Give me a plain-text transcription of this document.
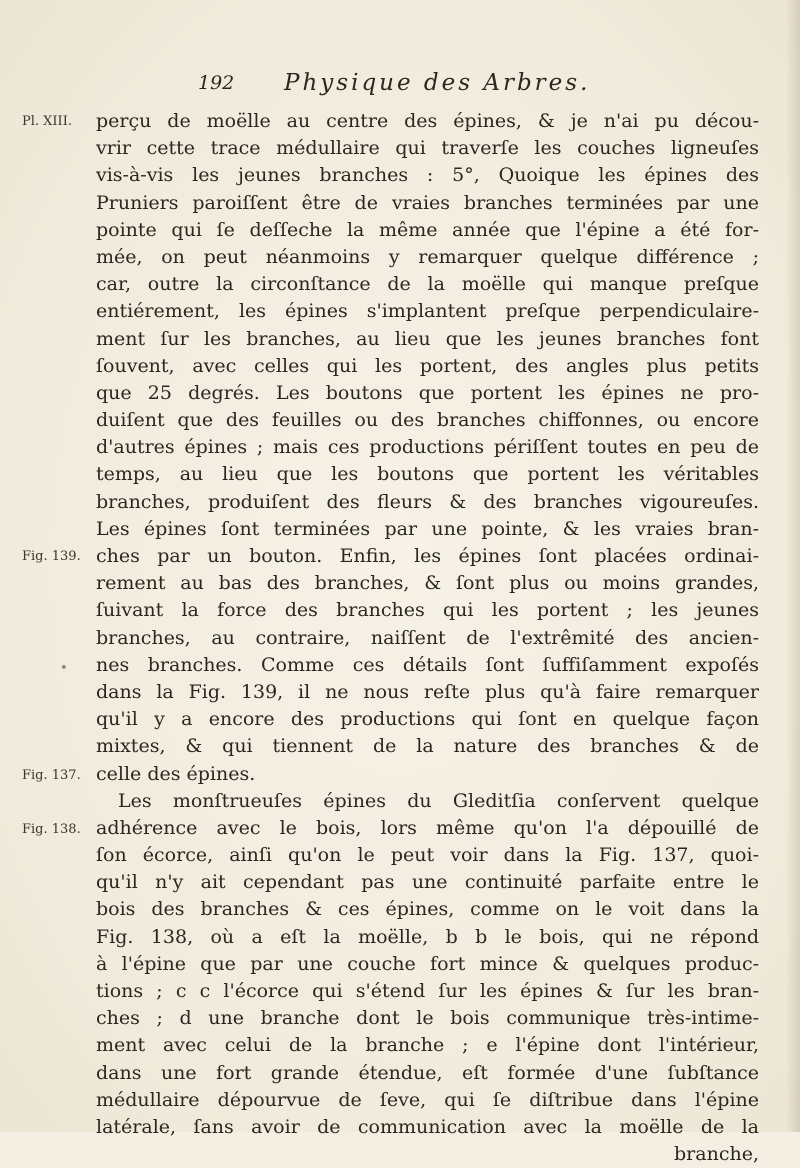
192 Physique des Arbres.
Pl. XIII.
Fig. 139.
Fig. 137.
Fig. 138.
•
perçu de moëlle au centre des épines, & je n'ai pu décou-
vrir cette trace médullaire qui traverſe les couches ligneuſes
vis-à-vis les jeunes branches : 5°, Quoique les épines des
Pruniers paroiſſent être de vraies branches terminées par une
pointe qui ſe deſſeche la même année que l'épine a été for-
mée, on peut néanmoins y remarquer quelque différence ;
car, outre la circonſtance de la moëlle qui manque preſque
entiérement, les épines s'implantent preſque perpendiculaire-
ment ſur les branches, au lieu que les jeunes branches font
ſouvent, avec celles qui les portent, des angles plus petits
que 25 degrés. Les boutons que portent les épines ne pro-
duiſent que des feuilles ou des branches chiffonnes, ou encore
d'autres épines ; mais ces productions périſſent toutes en peu de
temps, au lieu que les boutons que portent les véritables
branches, produiſent des fleurs & des branches vigoureuſes.
Les épines ſont terminées par une pointe, & les vraies bran-
ches par un bouton. Enfin, les épines ſont placées ordinai-
rement au bas des branches, & ſont plus ou moins grandes,
ſuivant la force des branches qui les portent ; les jeunes
branches, au contraire, naiſſent de l'extrêmité des ancien-
nes branches. Comme ces détails ſont ſuffiſamment expoſés
dans la Fig. 139, il ne nous reſte plus qu'à faire remarquer
qu'il y a encore des productions qui ſont en quelque façon
mixtes, & qui tiennent de la nature des branches & de
celle des épines.
Les monſtrueuſes épines du Gleditſia conſervent quelque
adhérence avec le bois, lors même qu'on l'a dépouillé de
ſon écorce, ainſi qu'on le peut voir dans la Fig. 137, quoi-
qu'il n'y ait cependant pas une continuité parfaite entre le
bois des branches & ces épines, comme on le voit dans la
Fig. 138, où a eſt la moëlle, b b le bois, qui ne répond
à l'épine que par une couche fort mince & quelques produc-
tions ; c c l'écorce qui s'étend ſur les épines & ſur les bran-
ches ; d une branche dont le bois communique très-intime-
ment avec celui de la branche ; e l'épine dont l'intérieur,
dans une fort grande étendue, eſt formée d'une ſubſtance
médullaire dépourvue de ſeve, qui ſe diſtribue dans l'épine
latérale, ſans avoir de communication avec la moëlle de la
branche,
